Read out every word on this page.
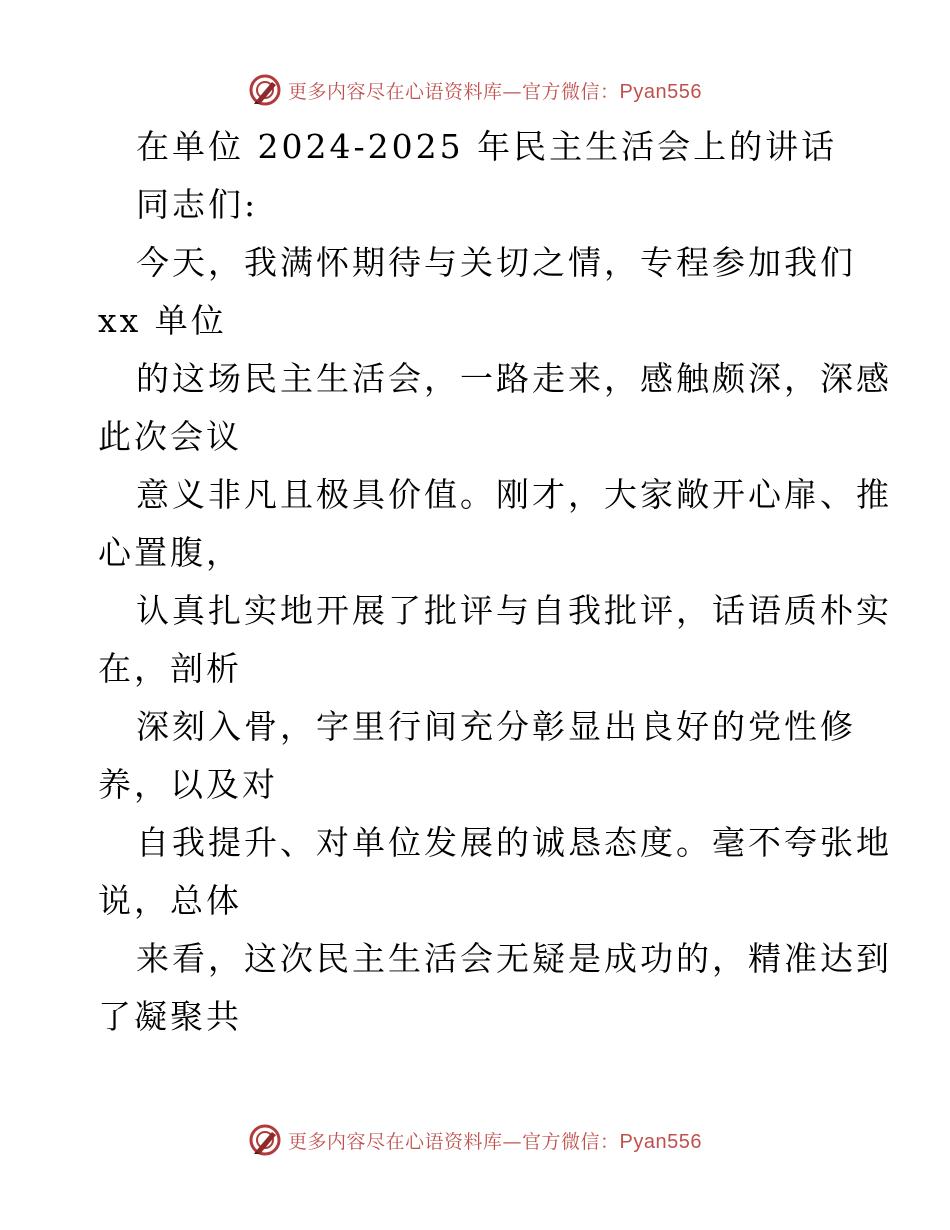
更多内容尽在心语资料库 — 官方微信： Pyan556

在单位 2024-2025 年民主生活会上的讲话

同志们:

今天，我满怀期待与关切之情，专程参加我们

xx 单位

的这场民主生活会，一路走来，感触颇深，深感

此次会议

意义非凡且极具价值。刚才，大家敞开心扉、推

心置腹，

认真扎实地开展了批评与自我批评，话语质朴实

在，剖析

深刻入骨，字里行间充分彰显出良好的党性修

养，以及对

自我提升、对单位发展的诚恳态度。毫不夸张地

说，总体

来看，这次民主生活会无疑是成功的，精准达到

了凝聚共

更多内容尽在心语资料库 — 官方微信： Pyan556
